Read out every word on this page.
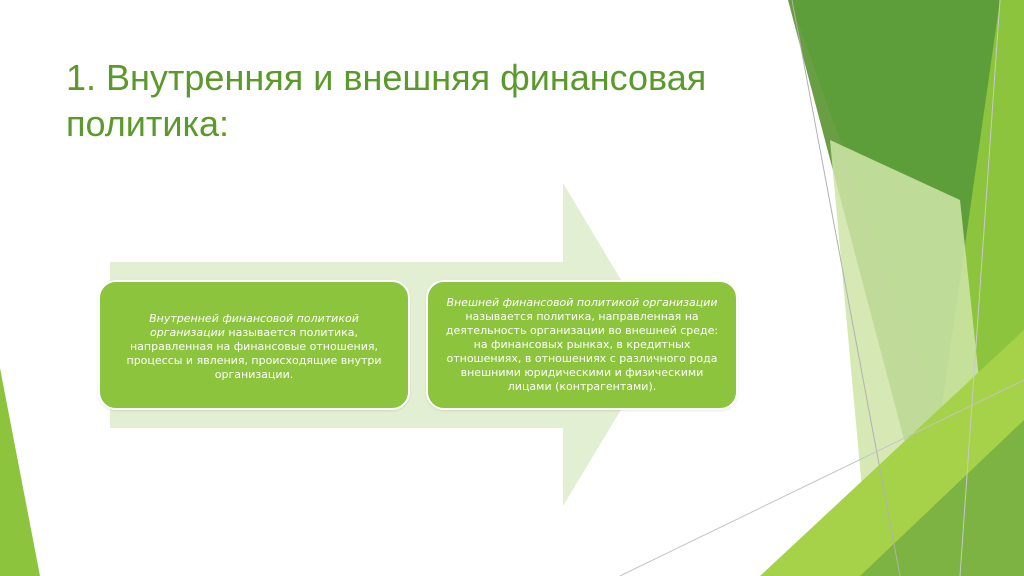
1. Внутренняя и внешняя финансовая
политика:
Внутренней финансовой политикой организации называется политика, направленная на финансовые отношения, процессы и явления, происходящие внутри организации.
Внешней финансовой политикой организации называется политика, направленная на деятельность организации во внешней среде: на финансовых рынках, в кредитных отношениях, в отношениях с различного рода внешними юридическими и физическими лицами (контрагентами).
